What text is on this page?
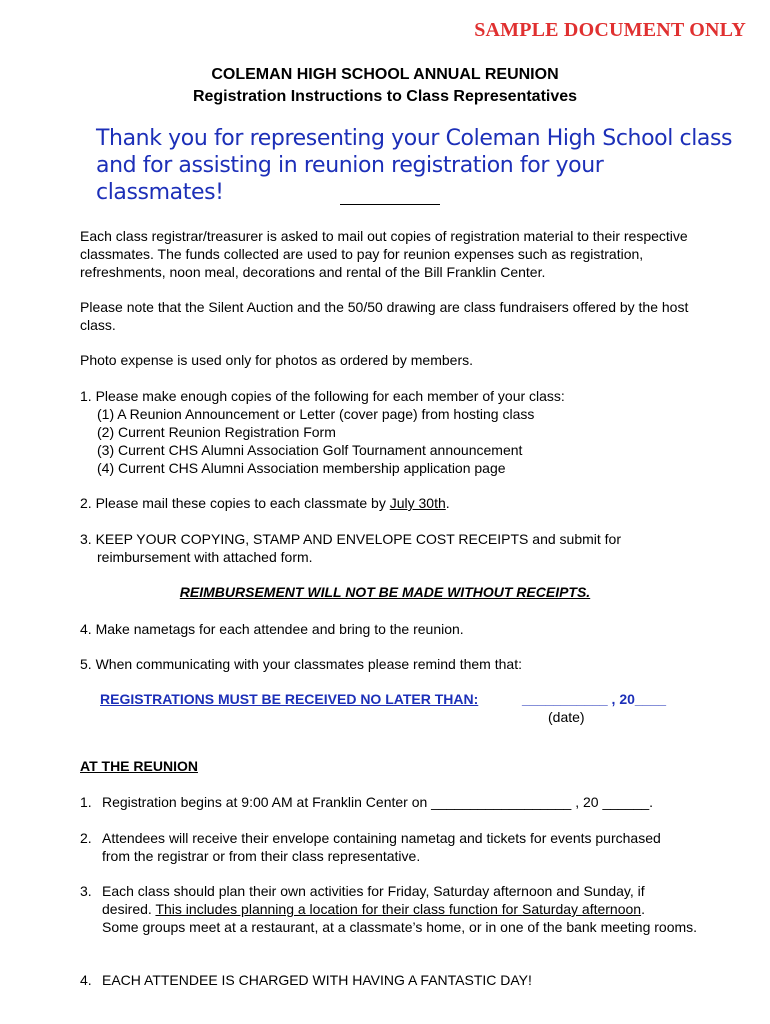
SAMPLE DOCUMENT ONLY
COLEMAN HIGH SCHOOL ANNUAL REUNION
Registration Instructions to Class Representatives
Thank you for representing your Coleman High School class
and for assisting in reunion registration for your classmates!
Each class registrar/treasurer is asked to mail out copies of registration material to their respective classmates. The funds collected are used to pay for reunion expenses such as registration, refreshments, noon meal, decorations and rental of the Bill Franklin Center.
Please note that the Silent Auction and the 50/50 drawing are class fundraisers offered by the host class.
Photo expense is used only for photos as ordered by members.
1. Please make enough copies of the following for each member of your class:
(1) A Reunion Announcement or Letter (cover page) from hosting class
(2) Current Reunion Registration Form
(3) Current CHS Alumni Association Golf Tournament announcement
(4) Current CHS Alumni Association membership application page
2. Please mail these copies to each classmate by July 30th.
3. KEEP YOUR COPYING, STAMP AND ENVELOPE COST RECEIPTS and submit for
reimbursement with attached form.
REIMBURSEMENT WILL NOT BE MADE WITHOUT RECEIPTS.
4. Make nametags for each attendee and bring to the reunion.
5. When communicating with your classmates please remind them that:
REGISTRATIONS MUST BE RECEIVED NO LATER THAN:	___________ , 20____
(date)
AT THE REUNION
1. Registration begins at 9:00 AM at Franklin Center on __________________ , 20 ______.
2. Attendees will receive their envelope containing nametag and tickets for events purchased from the registrar or from their class representative.
3. Each class should plan their own activities for Friday, Saturday afternoon and Sunday, if
desired. This includes planning a location for their class function for Saturday afternoon.
Some groups meet at a restaurant, at a classmate’s home, or in one of the bank meeting rooms.
4. EACH ATTENDEE IS CHARGED WITH HAVING A FANTASTIC DAY!
